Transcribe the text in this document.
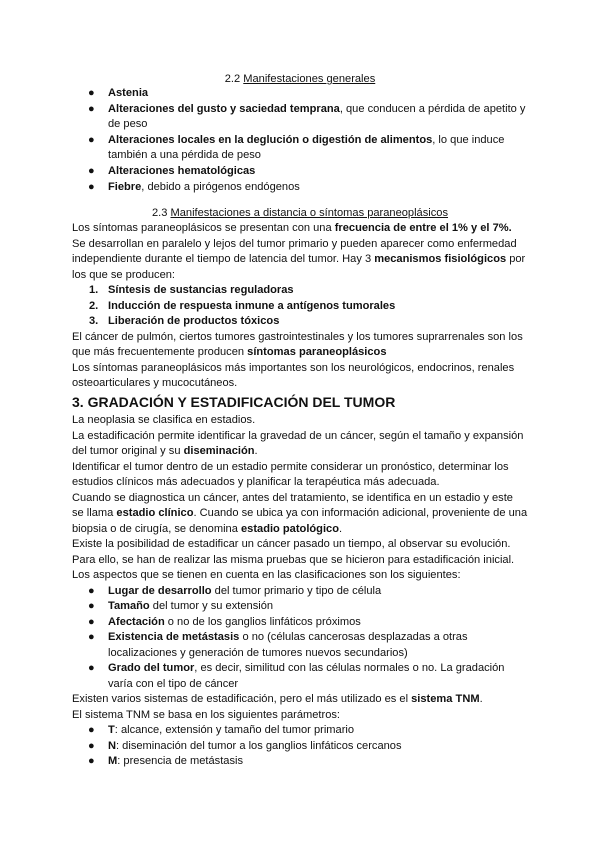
2.2 Manifestaciones generales
● Astenia
● Alteraciones del gusto y saciedad temprana, que conducen a pérdida de apetito y
de peso
● Alteraciones locales en la deglución o digestión de alimentos, lo que induce
también a una pérdida de peso
● Alteraciones hematológicas
● Fiebre, debido a pirógenos endógenos
2.3 Manifestaciones a distancia o síntomas paraneoplásicos
Los síntomas paraneoplásicos se presentan con una frecuencia de entre el 1% y el 7%.
Se desarrollan en paralelo y lejos del tumor primario y pueden aparecer como enfermedad
independiente durante el tiempo de latencia del tumor. Hay 3 mecanismos fisiológicos por
los que se producen:
1. Síntesis de sustancias reguladoras
2. Inducción de respuesta inmune a antígenos tumorales
3. Liberación de productos tóxicos
El cáncer de pulmón, ciertos tumores gastrointestinales y los tumores suprarrenales son los
que más frecuentemente producen síntomas paraneoplásicos
Los síntomas paraneoplásicos más importantes son los neurológicos, endocrinos, renales
osteoarticulares y mucocutáneos.
3. GRADACIÓN Y ESTADIFICACIÓN DEL TUMOR
La neoplasia se clasifica en estadios.
La estadificación permite identificar la gravedad de un cáncer, según el tamaño y expansión
del tumor original y su diseminación.
Identificar el tumor dentro de un estadio permite considerar un pronóstico, determinar los
estudios clínicos más adecuados y planificar la terapéutica más adecuada.
Cuando se diagnostica un cáncer, antes del tratamiento, se identifica en un estadio y este
se llama estadio clínico. Cuando se ubica ya con información adicional, proveniente de una
biopsia o de cirugía, se denomina estadio patológico.
Existe la posibilidad de estadificar un cáncer pasado un tiempo, al observar su evolución.
Para ello, se han de realizar las misma pruebas que se hicieron para estadificación inicial.
Los aspectos que se tienen en cuenta en las clasificaciones son los siguientes:
● Lugar de desarrollo del tumor primario y tipo de célula
● Tamaño del tumor y su extensión
● Afectación o no de los ganglios linfáticos próximos
● Existencia de metástasis o no (células cancerosas desplazadas a otras
localizaciones y generación de tumores nuevos secundarios)
● Grado del tumor, es decir, similitud con las células normales o no. La gradación
varía con el tipo de cáncer
Existen varios sistemas de estadificación, pero el más utilizado es el sistema TNM.
El sistema TNM se basa en los siguientes parámetros:
● T: alcance, extensión y tamaño del tumor primario
● N: diseminación del tumor a los ganglios linfáticos cercanos
● M: presencia de metástasis
